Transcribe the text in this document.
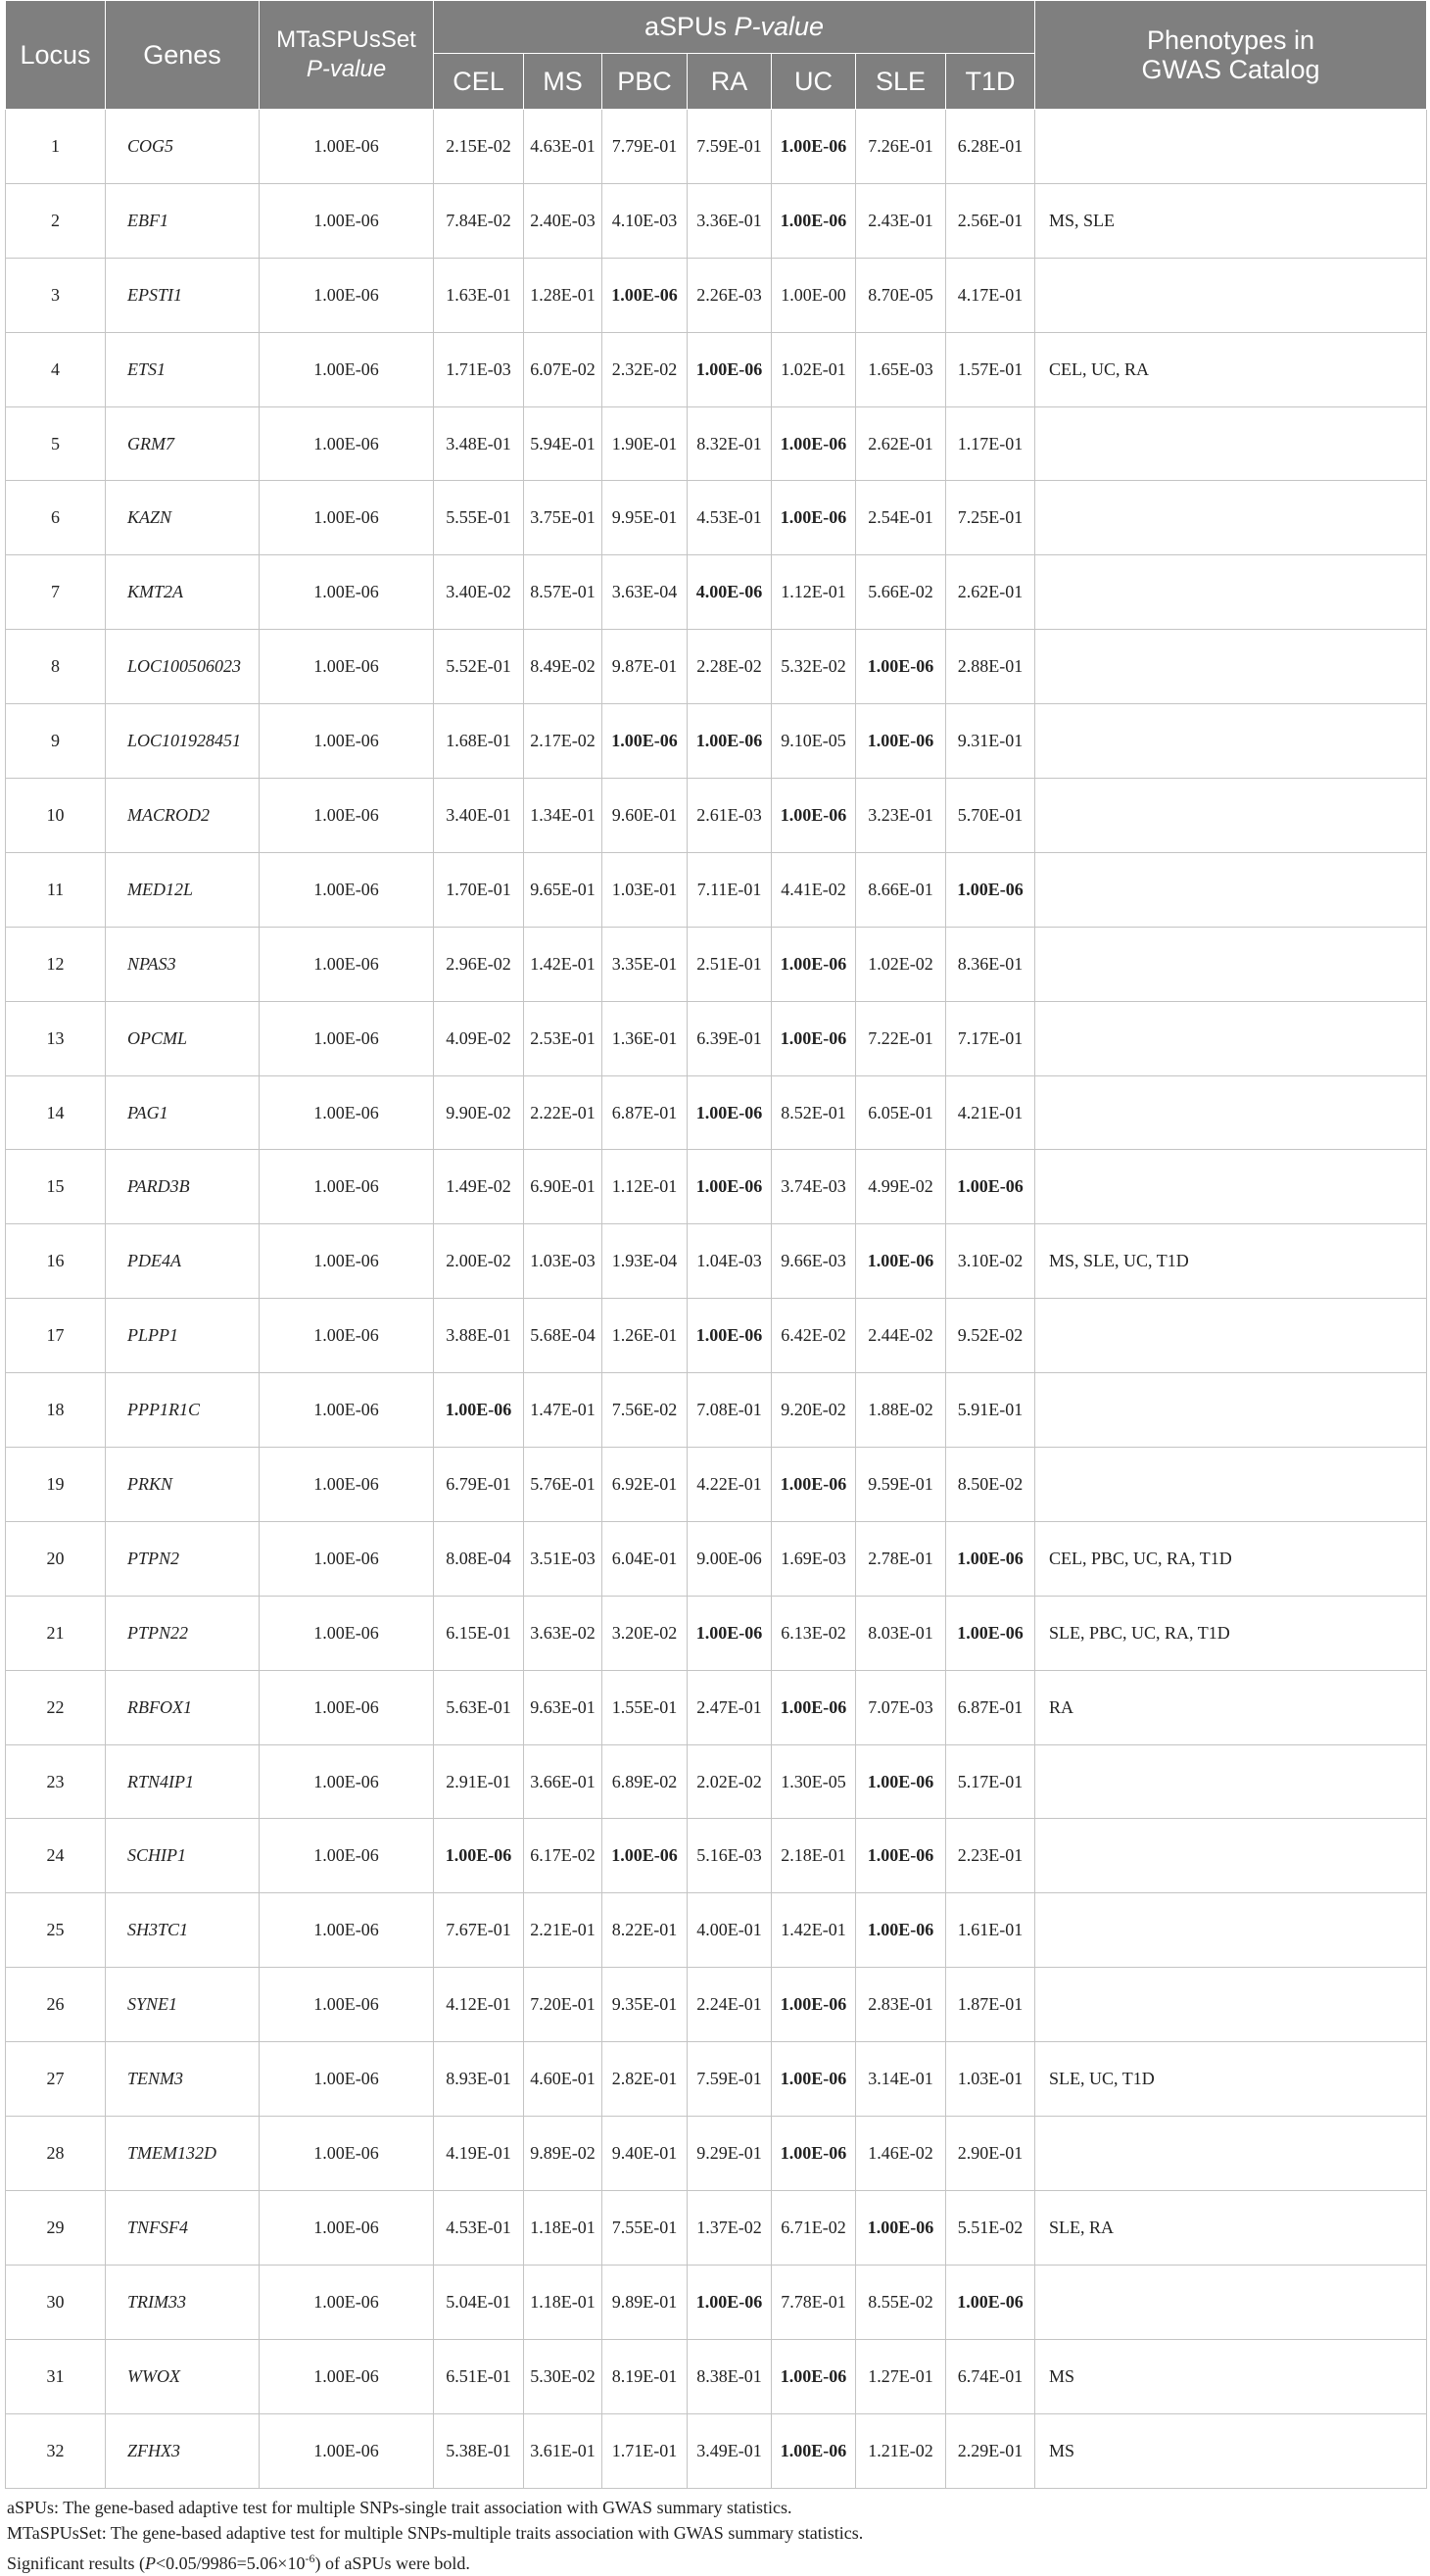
Locus	Genes	MTaSPUsSet
P-value	aSPUs P-value							Phenotypes in
GWAS Catalog
			CEL	MS	PBC	RA	UC	SLE	T1D	
1	COG5	1.00E-06	2.15E-02	4.63E-01	7.79E-01	7.59E-01	1.00E-06	7.26E-01	6.28E-01	
2	EBF1	1.00E-06	7.84E-02	2.40E-03	4.10E-03	3.36E-01	1.00E-06	2.43E-01	2.56E-01	MS, SLE
3	EPSTI1	1.00E-06	1.63E-01	1.28E-01	1.00E-06	2.26E-03	1.00E-00	8.70E-05	4.17E-01	
4	ETS1	1.00E-06	1.71E-03	6.07E-02	2.32E-02	1.00E-06	1.02E-01	1.65E-03	1.57E-01	CEL, UC, RA
5	GRM7	1.00E-06	3.48E-01	5.94E-01	1.90E-01	8.32E-01	1.00E-06	2.62E-01	1.17E-01	
6	KAZN	1.00E-06	5.55E-01	3.75E-01	9.95E-01	4.53E-01	1.00E-06	2.54E-01	7.25E-01	
7	KMT2A	1.00E-06	3.40E-02	8.57E-01	3.63E-04	4.00E-06	1.12E-01	5.66E-02	2.62E-01	
8	LOC100506023	1.00E-06	5.52E-01	8.49E-02	9.87E-01	2.28E-02	5.32E-02	1.00E-06	2.88E-01	
9	LOC101928451	1.00E-06	1.68E-01	2.17E-02	1.00E-06	1.00E-06	9.10E-05	1.00E-06	9.31E-01	
10	MACROD2	1.00E-06	3.40E-01	1.34E-01	9.60E-01	2.61E-03	1.00E-06	3.23E-01	5.70E-01	
11	MED12L	1.00E-06	1.70E-01	9.65E-01	1.03E-01	7.11E-01	4.41E-02	8.66E-01	1.00E-06	
12	NPAS3	1.00E-06	2.96E-02	1.42E-01	3.35E-01	2.51E-01	1.00E-06	1.02E-02	8.36E-01	
13	OPCML	1.00E-06	4.09E-02	2.53E-01	1.36E-01	6.39E-01	1.00E-06	7.22E-01	7.17E-01	
14	PAG1	1.00E-06	9.90E-02	2.22E-01	6.87E-01	1.00E-06	8.52E-01	6.05E-01	4.21E-01	
15	PARD3B	1.00E-06	1.49E-02	6.90E-01	1.12E-01	1.00E-06	3.74E-03	4.99E-02	1.00E-06	
16	PDE4A	1.00E-06	2.00E-02	1.03E-03	1.93E-04	1.04E-03	9.66E-03	1.00E-06	3.10E-02	MS, SLE, UC, T1D
17	PLPP1	1.00E-06	3.88E-01	5.68E-04	1.26E-01	1.00E-06	6.42E-02	2.44E-02	9.52E-02	
18	PPP1R1C	1.00E-06	1.00E-06	1.47E-01	7.56E-02	7.08E-01	9.20E-02	1.88E-02	5.91E-01	
19	PRKN	1.00E-06	6.79E-01	5.76E-01	6.92E-01	4.22E-01	1.00E-06	9.59E-01	8.50E-02	
20	PTPN2	1.00E-06	8.08E-04	3.51E-03	6.04E-01	9.00E-06	1.69E-03	2.78E-01	1.00E-06	CEL, PBC, UC, RA, T1D
21	PTPN22	1.00E-06	6.15E-01	3.63E-02	3.20E-02	1.00E-06	6.13E-02	8.03E-01	1.00E-06	SLE, PBC, UC, RA, T1D
22	RBFOX1	1.00E-06	5.63E-01	9.63E-01	1.55E-01	2.47E-01	1.00E-06	7.07E-03	6.87E-01	RA
23	RTN4IP1	1.00E-06	2.91E-01	3.66E-01	6.89E-02	2.02E-02	1.30E-05	1.00E-06	5.17E-01	
24	SCHIP1	1.00E-06	1.00E-06	6.17E-02	1.00E-06	5.16E-03	2.18E-01	1.00E-06	2.23E-01	
25	SH3TC1	1.00E-06	7.67E-01	2.21E-01	8.22E-01	4.00E-01	1.42E-01	1.00E-06	1.61E-01	
26	SYNE1	1.00E-06	4.12E-01	7.20E-01	9.35E-01	2.24E-01	1.00E-06	2.83E-01	1.87E-01	
27	TENM3	1.00E-06	8.93E-01	4.60E-01	2.82E-01	7.59E-01	1.00E-06	3.14E-01	1.03E-01	SLE, UC, T1D
28	TMEM132D	1.00E-06	4.19E-01	9.89E-02	9.40E-01	9.29E-01	1.00E-06	1.46E-02	2.90E-01	
29	TNFSF4	1.00E-06	4.53E-01	1.18E-01	7.55E-01	1.37E-02	6.71E-02	1.00E-06	5.51E-02	SLE, RA
30	TRIM33	1.00E-06	5.04E-01	1.18E-01	9.89E-01	1.00E-06	7.78E-01	8.55E-02	1.00E-06	
31	WWOX	1.00E-06	6.51E-01	5.30E-02	8.19E-01	8.38E-01	1.00E-06	1.27E-01	6.74E-01	MS
32	ZFHX3	1.00E-06	5.38E-01	3.61E-01	1.71E-01	3.49E-01	1.00E-06	1.21E-02	2.29E-01	MS
aSPUs: The gene-based adaptive test for multiple SNPs-single trait association with GWAS summary statistics.
MTaSPUsSet: The gene-based adaptive test for multiple SNPs-multiple traits association with GWAS summary statistics.
Significant results $(P<0.05/9986=5.06\times 10^{-6})$ of aSPUs were bold.
